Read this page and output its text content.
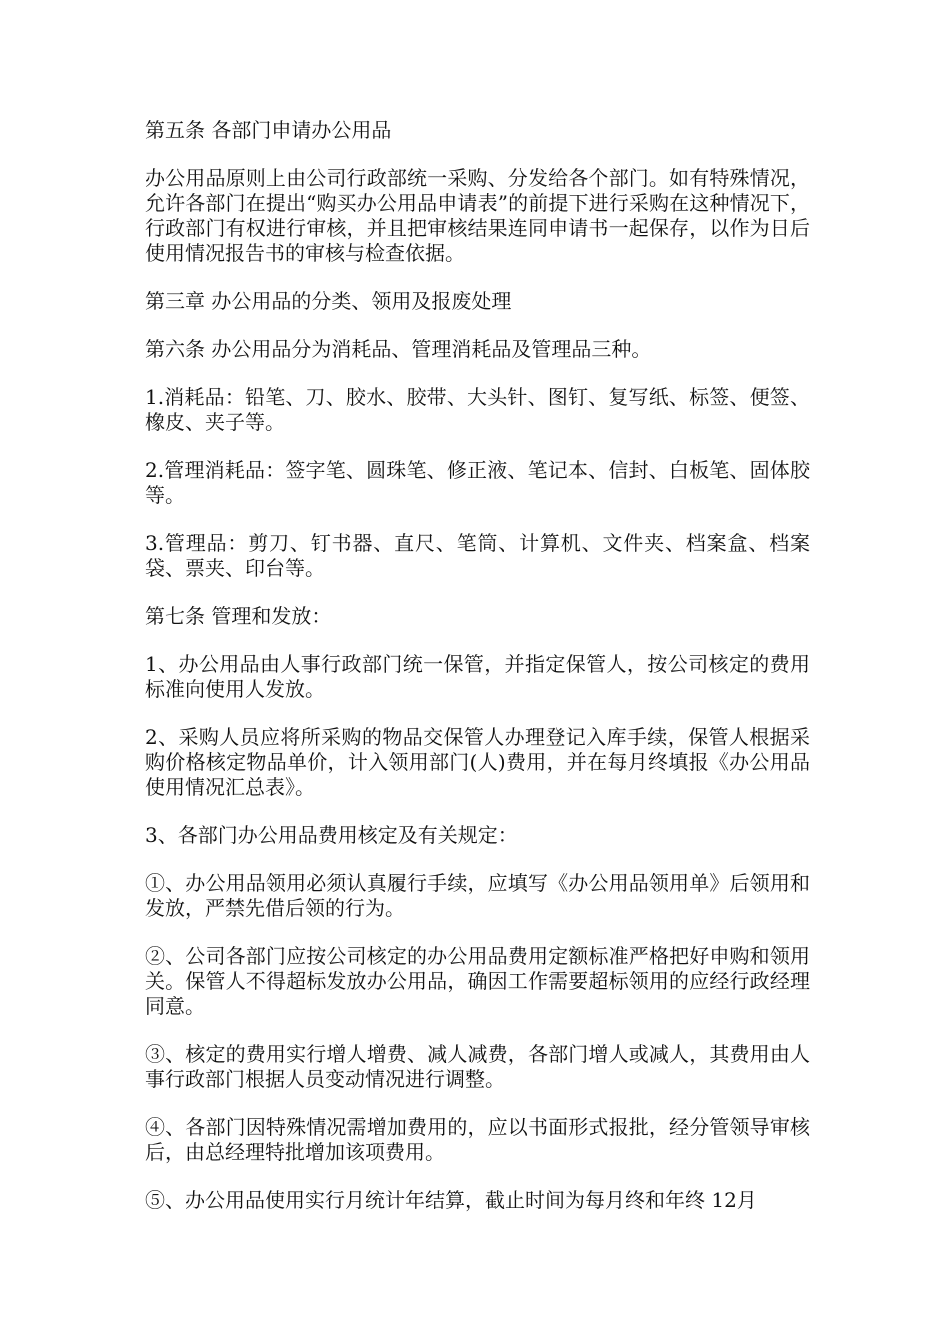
第五条 各部门申请办公用品

办公用品原则上由公司行政部统一采购、分发给各个部门。如有特殊情况，允许各部门在提出“购买办公用品申请表”的前提下进行采购在这种情况下，行政部门有权进行审核，并且把审核结果连同申请书一起保存，以作为日后使用情况报告书的审核与检查依据。

第三章 办公用品的分类、领用及报废处理

第六条 办公用品分为消耗品、管理消耗品及管理品三种。

1.消耗品：铅笔、刀、胶水、胶带、大头针、图钉、复写纸、标签、便签、橡皮、夹子等。

2.管理消耗品：签字笔、圆珠笔、修正液、笔记本、信封、白板笔、固体胶等。

3.管理品：剪刀、钉书器、直尺、笔筒、计算机、文件夹、档案盒、档案袋、票夹、印台等。

第七条 管理和发放：

1、办公用品由人事行政部门统一保管，并指定保管人，按公司核定的费用标准向使用人发放。

2、采购人员应将所采购的物品交保管人办理登记入库手续，保管人根据采购价格核定物品单价，计入领用部门(人)费用，并在每月终填报《办公用品使用情况汇总表》。

3、各部门办公用品费用核定及有关规定：

①、办公用品领用必须认真履行手续，应填写《办公用品领用单》后领用和发放，严禁先借后领的行为。

②、公司各部门应按公司核定的办公用品费用定额标准严格把好申购和领用关。保管人不得超标发放办公用品，确因工作需要超标领用的应经行政经理同意。

③、核定的费用实行增人增费、减人减费，各部门增人或减人，其费用由人事行政部门根据人员变动情况进行调整。

④、各部门因特殊情况需增加费用的，应以书面形式报批，经分管领导审核后，由总经理特批增加该项费用。

⑤、办公用品使用实行月统计年结算，截止时间为每月终和年终 12月
